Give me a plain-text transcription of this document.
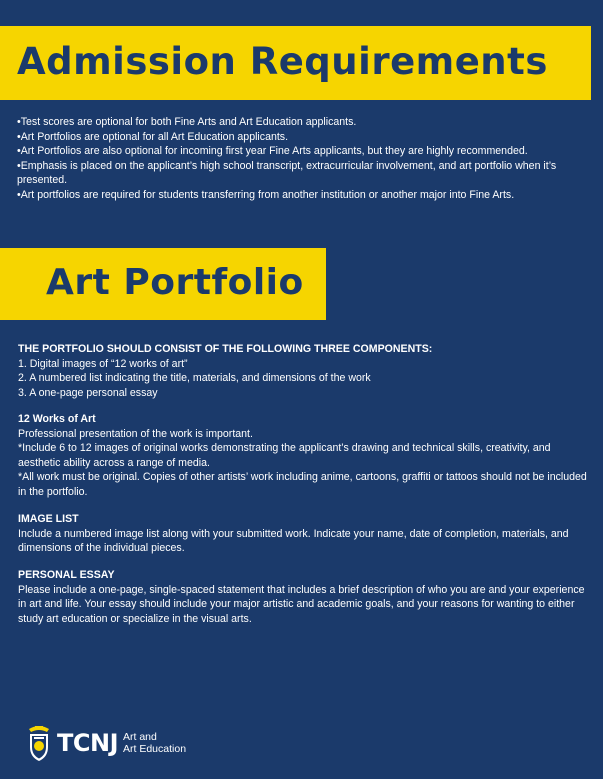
Admission Requirements
•Test scores are optional for both Fine Arts and Art Education applicants.
•Art Portfolios are optional for all Art Education applicants.
•Art Portfolios are also optional for incoming first year Fine Arts applicants, but they are highly recommended.
•Emphasis is placed on the applicant’s high school transcript, extracurricular involvement, and art portfolio when it’s presented.
•Art portfolios are required for students transferring from another institution or another major into Fine Arts.
Art Portfolio

THE PORTFOLIO SHOULD CONSIST OF THE FOLLOWING THREE COMPONENTS:

1. Digital images of “12 works of art”

2. A numbered list indicating the title, materials, and dimensions of the work

3. A one-page personal essay

12 Works of Art

Professional presentation of the work is important.

*Include 6 to 12 images of original works demonstrating the applicant’s drawing and technical skills, creativity, and aesthetic ability across a range of media.

*All work must be original. Copies of other artists’ work including anime, cartoons, graffiti or tattoos should not be included in the portfolio.

IMAGE LIST

Include a numbered image list along with your submitted work. Indicate your name, date of completion, materials, and dimensions of the individual pieces.

PERSONAL ESSAY

Please include a one-page, single-spaced statement that includes a brief description of who you are and your experience in art and life. Your essay should include your major artistic and academic goals, and your reasons for wanting to either study art education or specialize in the visual arts.

TCNJ Art and
Art Education
